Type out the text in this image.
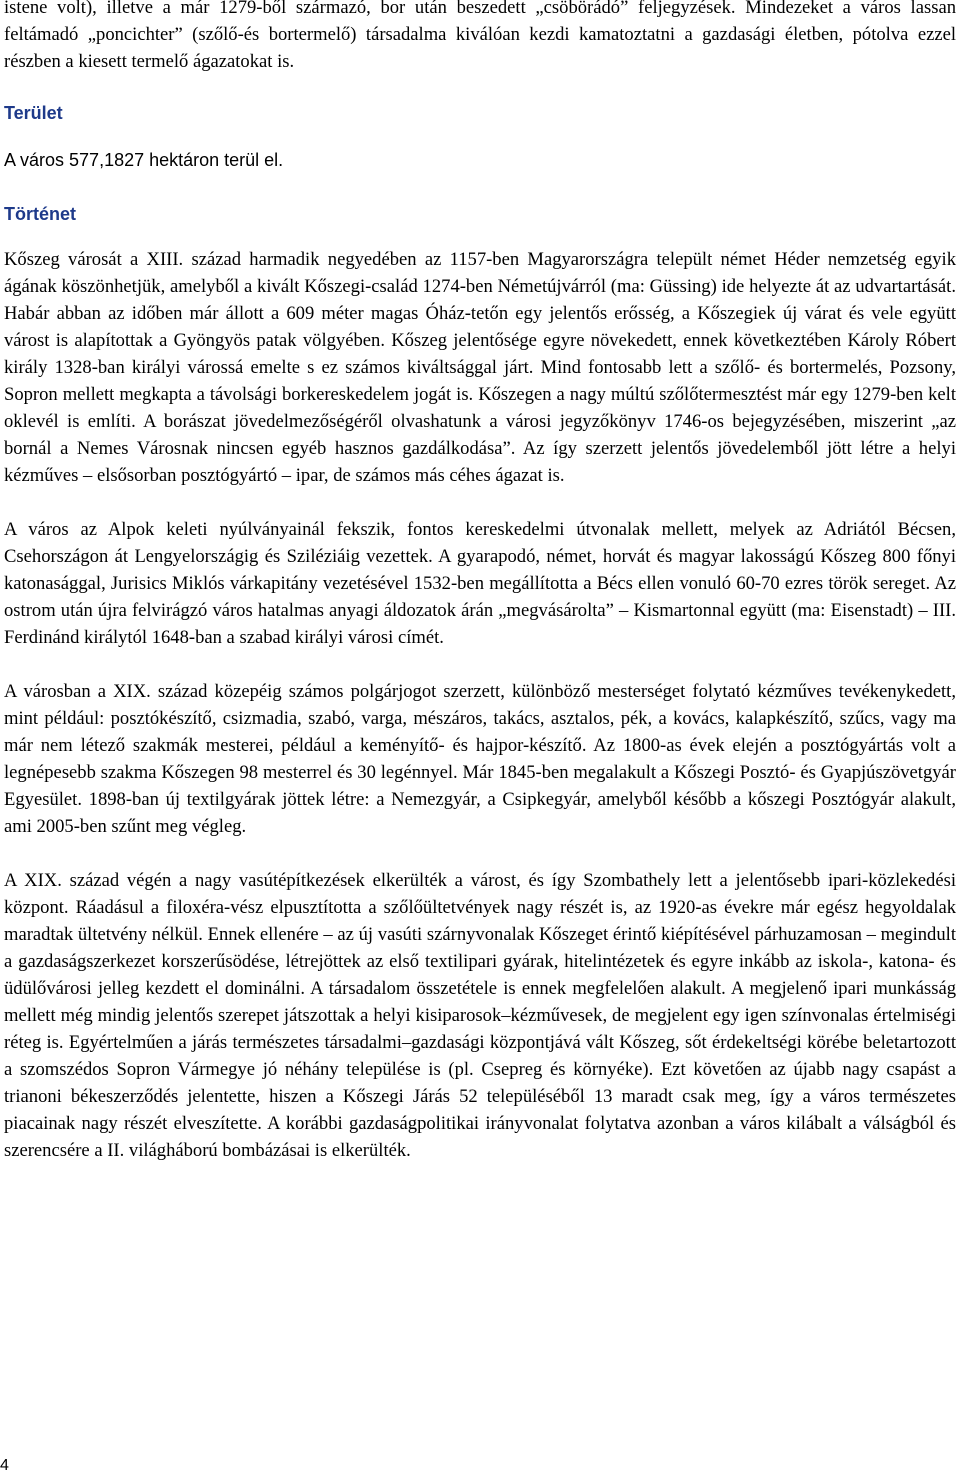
istene volt), illetve a már 1279-ből származó, bor után beszedett „csöbörádó” feljegyzések. Mindezeket a város lassan feltámadó „poncichter” (szőlő-és bortermelő) társadalma kiválóan kezdi kamatoztatni a gazdasági életben, pótolva ezzel részben a kiesett termelő ágazatokat is.

Terület

A város 577,1827 hektáron terül el.

Történet

Kőszeg városát a XIII. század harmadik negyedében az 1157-ben Magyarországra települt német Héder nemzetség egyik ágának köszönhetjük, amelyből a kivált Kőszegi-család 1274-ben Németújvárról (ma: Güssing) ide helyezte át az udvartartását. Habár abban az időben már állott a 609 méter magas Óház-tetőn egy jelentős erősség, a Kőszegiek új várat és vele együtt várost is alapítottak a Gyöngyös patak völgyében. Kőszeg jelentősége egyre növekedett, ennek következtében Károly Róbert király 1328-ban királyi várossá emelte s ez számos kiváltsággal járt. Mind fontosabb lett a szőlő- és bortermelés, Pozsony, Sopron mellett megkapta a távolsági borkereskedelem jogát is. Kőszegen a nagy múltú szőlőtermesztést már egy 1279-ben kelt oklevél is említi. A borászat jövedelmezőségéről olvashatunk a városi jegyzőkönyv 1746-os bejegyzésében, miszerint „az bornál a Nemes Városnak nincsen egyéb hasznos gazdálkodása”. Az így szerzett jelentős jövedelemből jött létre a helyi kézműves – elsősorban posztógyártó – ipar, de számos más céhes ágazat is.

A város az Alpok keleti nyúlványainál fekszik, fontos kereskedelmi útvonalak mellett, melyek az Adriától Bécsen, Csehországon át Lengyelországig és Sziléziáig vezettek. A gyarapodó, német, horvát és magyar lakosságú Kőszeg 800 főnyi katonasággal, Jurisics Miklós várkapitány vezetésével 1532-ben megállította a Bécs ellen vonuló 60-70 ezres török sereget. Az ostrom után újra felvirágzó város hatalmas anyagi áldozatok árán „megvásárolta” – Kismartonnal együtt (ma: Eisenstadt) – III. Ferdinánd királytól 1648-ban a szabad királyi városi címét.

A városban a XIX. század közepéig számos polgárjogot szerzett, különböző mesterséget folytató kézműves tevékenykedett, mint például: posztókészítő, csizmadia, szabó, varga, mészáros, takács, asztalos, pék, a kovács, kalapkészítő, szűcs, vagy ma már nem létező szakmák mesterei, például a keményítő- és hajpor-készítő. Az 1800-as évek elején a posztógyártás volt a legnépesebb szakma Kőszegen 98 mesterrel és 30 legénnyel. Már 1845-ben megalakult a Kőszegi Posztó- és Gyapjúszövetgyár Egyesület. 1898-ban új textilgyárak jöttek létre: a Nemezgyár, a Csipkegyár, amelyből később a kőszegi Posztógyár alakult, ami 2005-ben szűnt meg végleg.

A XIX. század végén a nagy vasútépítkezések elkerülték a várost, és így Szombathely lett a jelentősebb ipari-közlekedési központ. Ráadásul a filoxéra-vész elpusztította a szőlőültetvények nagy részét is, az 1920-as évekre már egész hegyoldalak maradtak ültetvény nélkül. Ennek ellenére – az új vasúti szárnyvonalak Kőszeget érintő kiépítésével párhuzamosan – megindult a gazdaságszerkezet korszerűsödése, létrejöttek az első textilipari gyárak, hitelintézetek és egyre inkább az iskola-, katona- és üdülővárosi jelleg kezdett el dominálni. A társadalom összetétele is ennek megfelelően alakult. A megjelenő ipari munkásság mellett még mindig jelentős szerepet játszottak a helyi kisiparosok–kézművesek, de megjelent egy igen színvonalas értelmiségi réteg is. Egyértelműen a járás természetes társadalmi–gazdasági központjává vált Kőszeg, sőt érdekeltségi körébe beletartozott a szomszédos Sopron Vármegye jó néhány települése is (pl. Csepreg és környéke). Ezt követően az újabb nagy csapást a trianoni békeszerződés jelentette, hiszen a Kőszegi Járás 52 településéből 13 maradt csak meg, így a város természetes piacainak nagy részét elveszítette. A korábbi gazdaságpolitikai irányvonalat folytatva azonban a város kilábalt a válságból és szerencsére a II. világháború bombázásai is elkerülték.

4
